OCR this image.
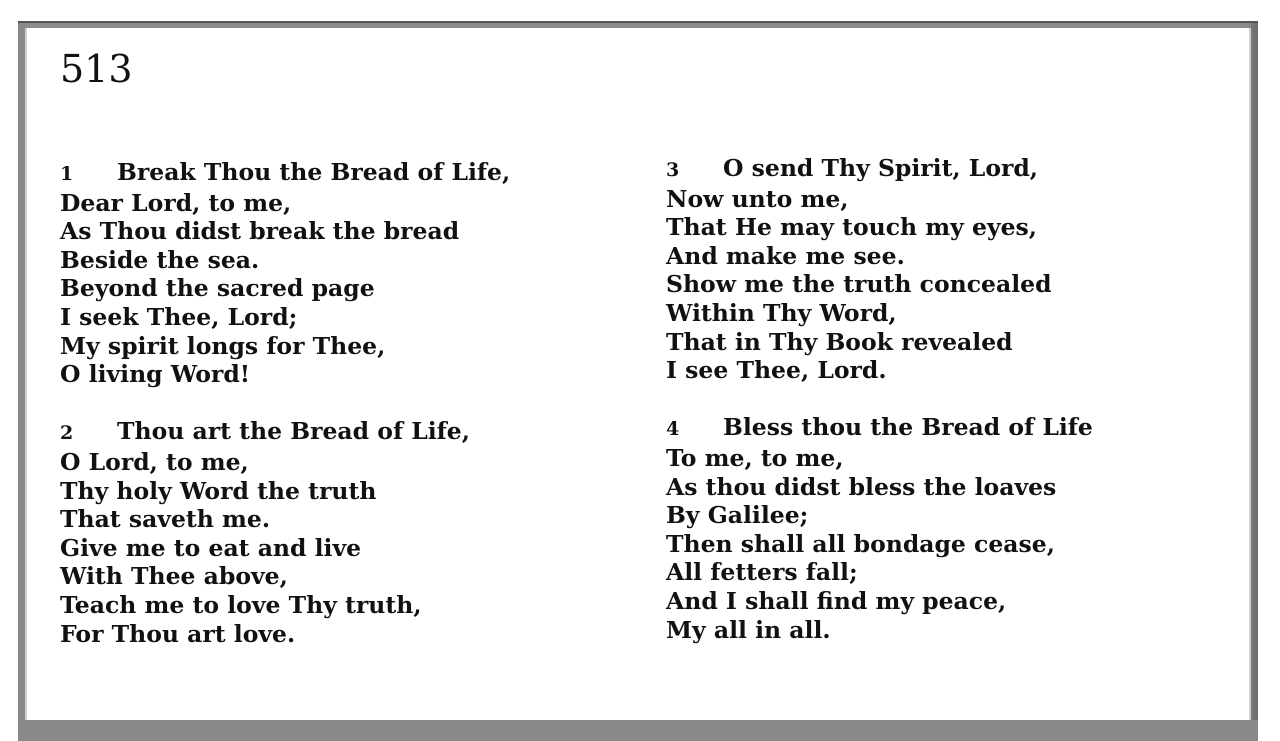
513
1 Break Thou the Bread of Life,
Dear Lord, to me,
As Thou didst break the bread
Beside the sea.
Beyond the sacred page
I seek Thee, Lord;
My spirit longs for Thee,
O living Word!
2 Thou art the Bread of Life,
O Lord, to me,
Thy holy Word the truth
That saveth me.
Give me to eat and live
With Thee above,
Teach me to love Thy truth,
For Thou art love.
3 O send Thy Spirit, Lord,
Now unto me,
That He may touch my eyes,
And make me see.
Show me the truth concealed
Within Thy Word,
That in Thy Book revealed
I see Thee, Lord.
4 Bless thou the Bread of Life
To me, to me,
As thou didst bless the loaves
By Galilee;
Then shall all bondage cease,
All fetters fall;
And I shall find my peace,
My all in all.
